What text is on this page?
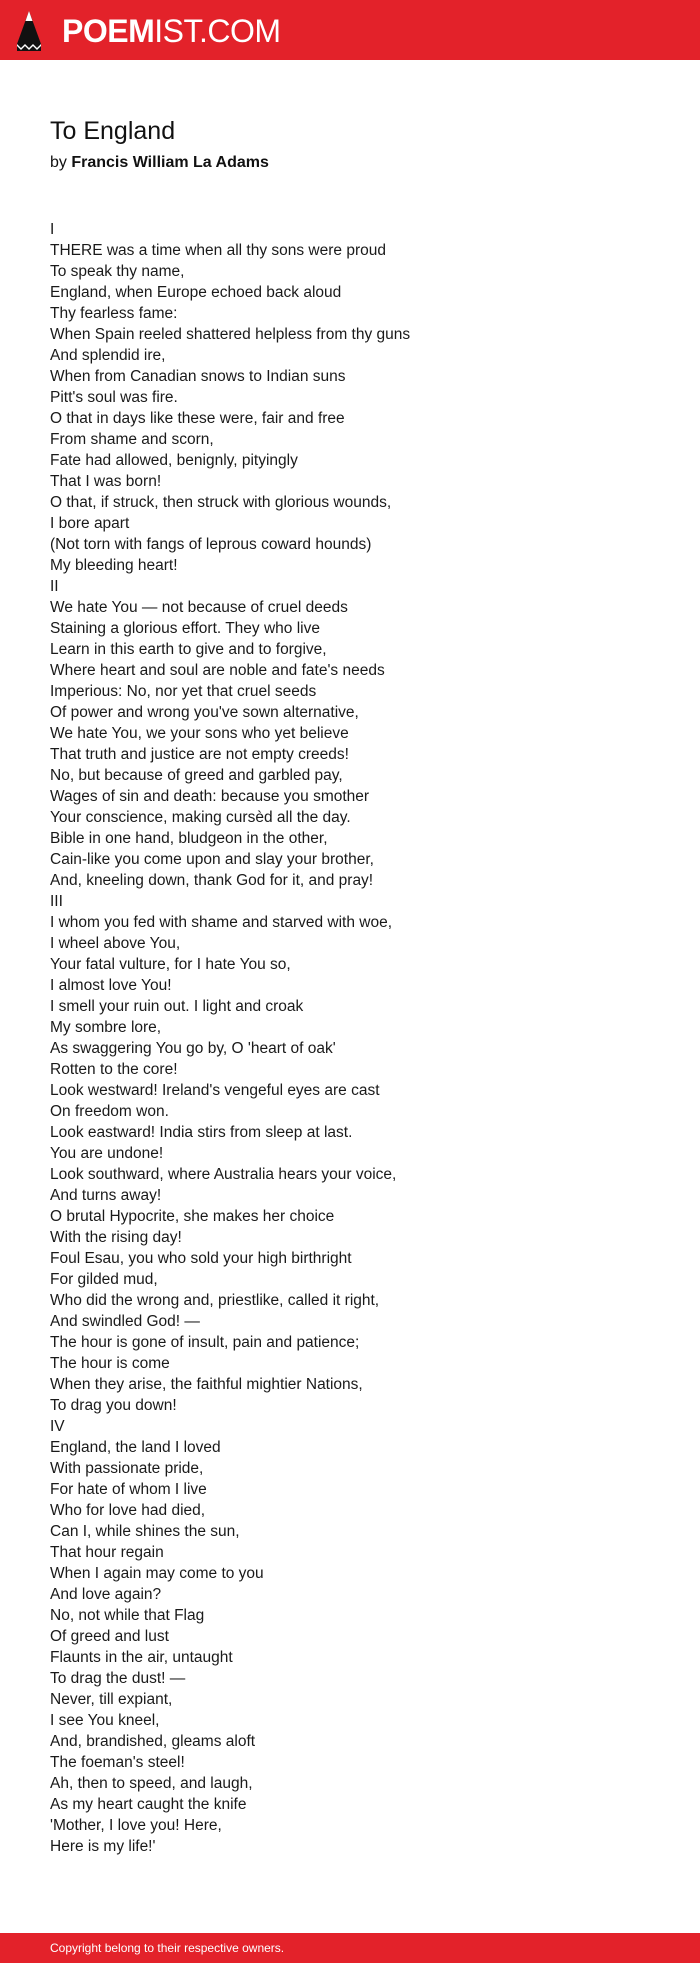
POEMIST.COM
To England

by Francis William La Adams

I
THERE was a time when all thy sons were proud
To speak thy name,
England, when Europe echoed back aloud
Thy fearless fame:
When Spain reeled shattered helpless from thy guns
And splendid ire,
When from Canadian snows to Indian suns
Pitt's soul was fire.
O that in days like these were, fair and free
From shame and scorn,
Fate had allowed, benignly, pityingly
That I was born!
O that, if struck, then struck with glorious wounds,
I bore apart
(Not torn with fangs of leprous coward hounds)
My bleeding heart!
II
We hate You — not because of cruel deeds
Staining a glorious effort. They who live
Learn in this earth to give and to forgive,
Where heart and soul are noble and fate's needs
Imperious: No, nor yet that cruel seeds
Of power and wrong you've sown alternative,
We hate You, we your sons who yet believe
That truth and justice are not empty creeds!
No, but because of greed and garbled pay,
Wages of sin and death: because you smother
Your conscience, making cursèd all the day.
Bible in one hand, bludgeon in the other,
Cain-like you come upon and slay your brother,
And, kneeling down, thank God for it, and pray!
III
I whom you fed with shame and starved with woe,
I wheel above You,
Your fatal vulture, for I hate You so,
I almost love You!
I smell your ruin out. I light and croak
My sombre lore,
As swaggering You go by, O 'heart of oak'
Rotten to the core!
Look westward! Ireland's vengeful eyes are cast
On freedom won.
Look eastward! India stirs from sleep at last.
You are undone!
Look southward, where Australia hears your voice,
And turns away!
O brutal Hypocrite, she makes her choice
With the rising day!
Foul Esau, you who sold your high birthright
For gilded mud,
Who did the wrong and, priestlike, called it right,
And swindled God! —
The hour is gone of insult, pain and patience;
The hour is come
When they arise, the faithful mightier Nations,
To drag you down!
IV
England, the land I loved
With passionate pride,
For hate of whom I live
Who for love had died,
Can I, while shines the sun,
That hour regain
When I again may come to you
And love again?
No, not while that Flag
Of greed and lust
Flaunts in the air, untaught
To drag the dust! —
Never, till expiant,
I see You kneel,
And, brandished, gleams aloft
The foeman's steel!
Ah, then to speed, and laugh,
As my heart caught the knife
'Mother, I love you! Here,
Here is my life!'
Copyright belong to their respective owners.
